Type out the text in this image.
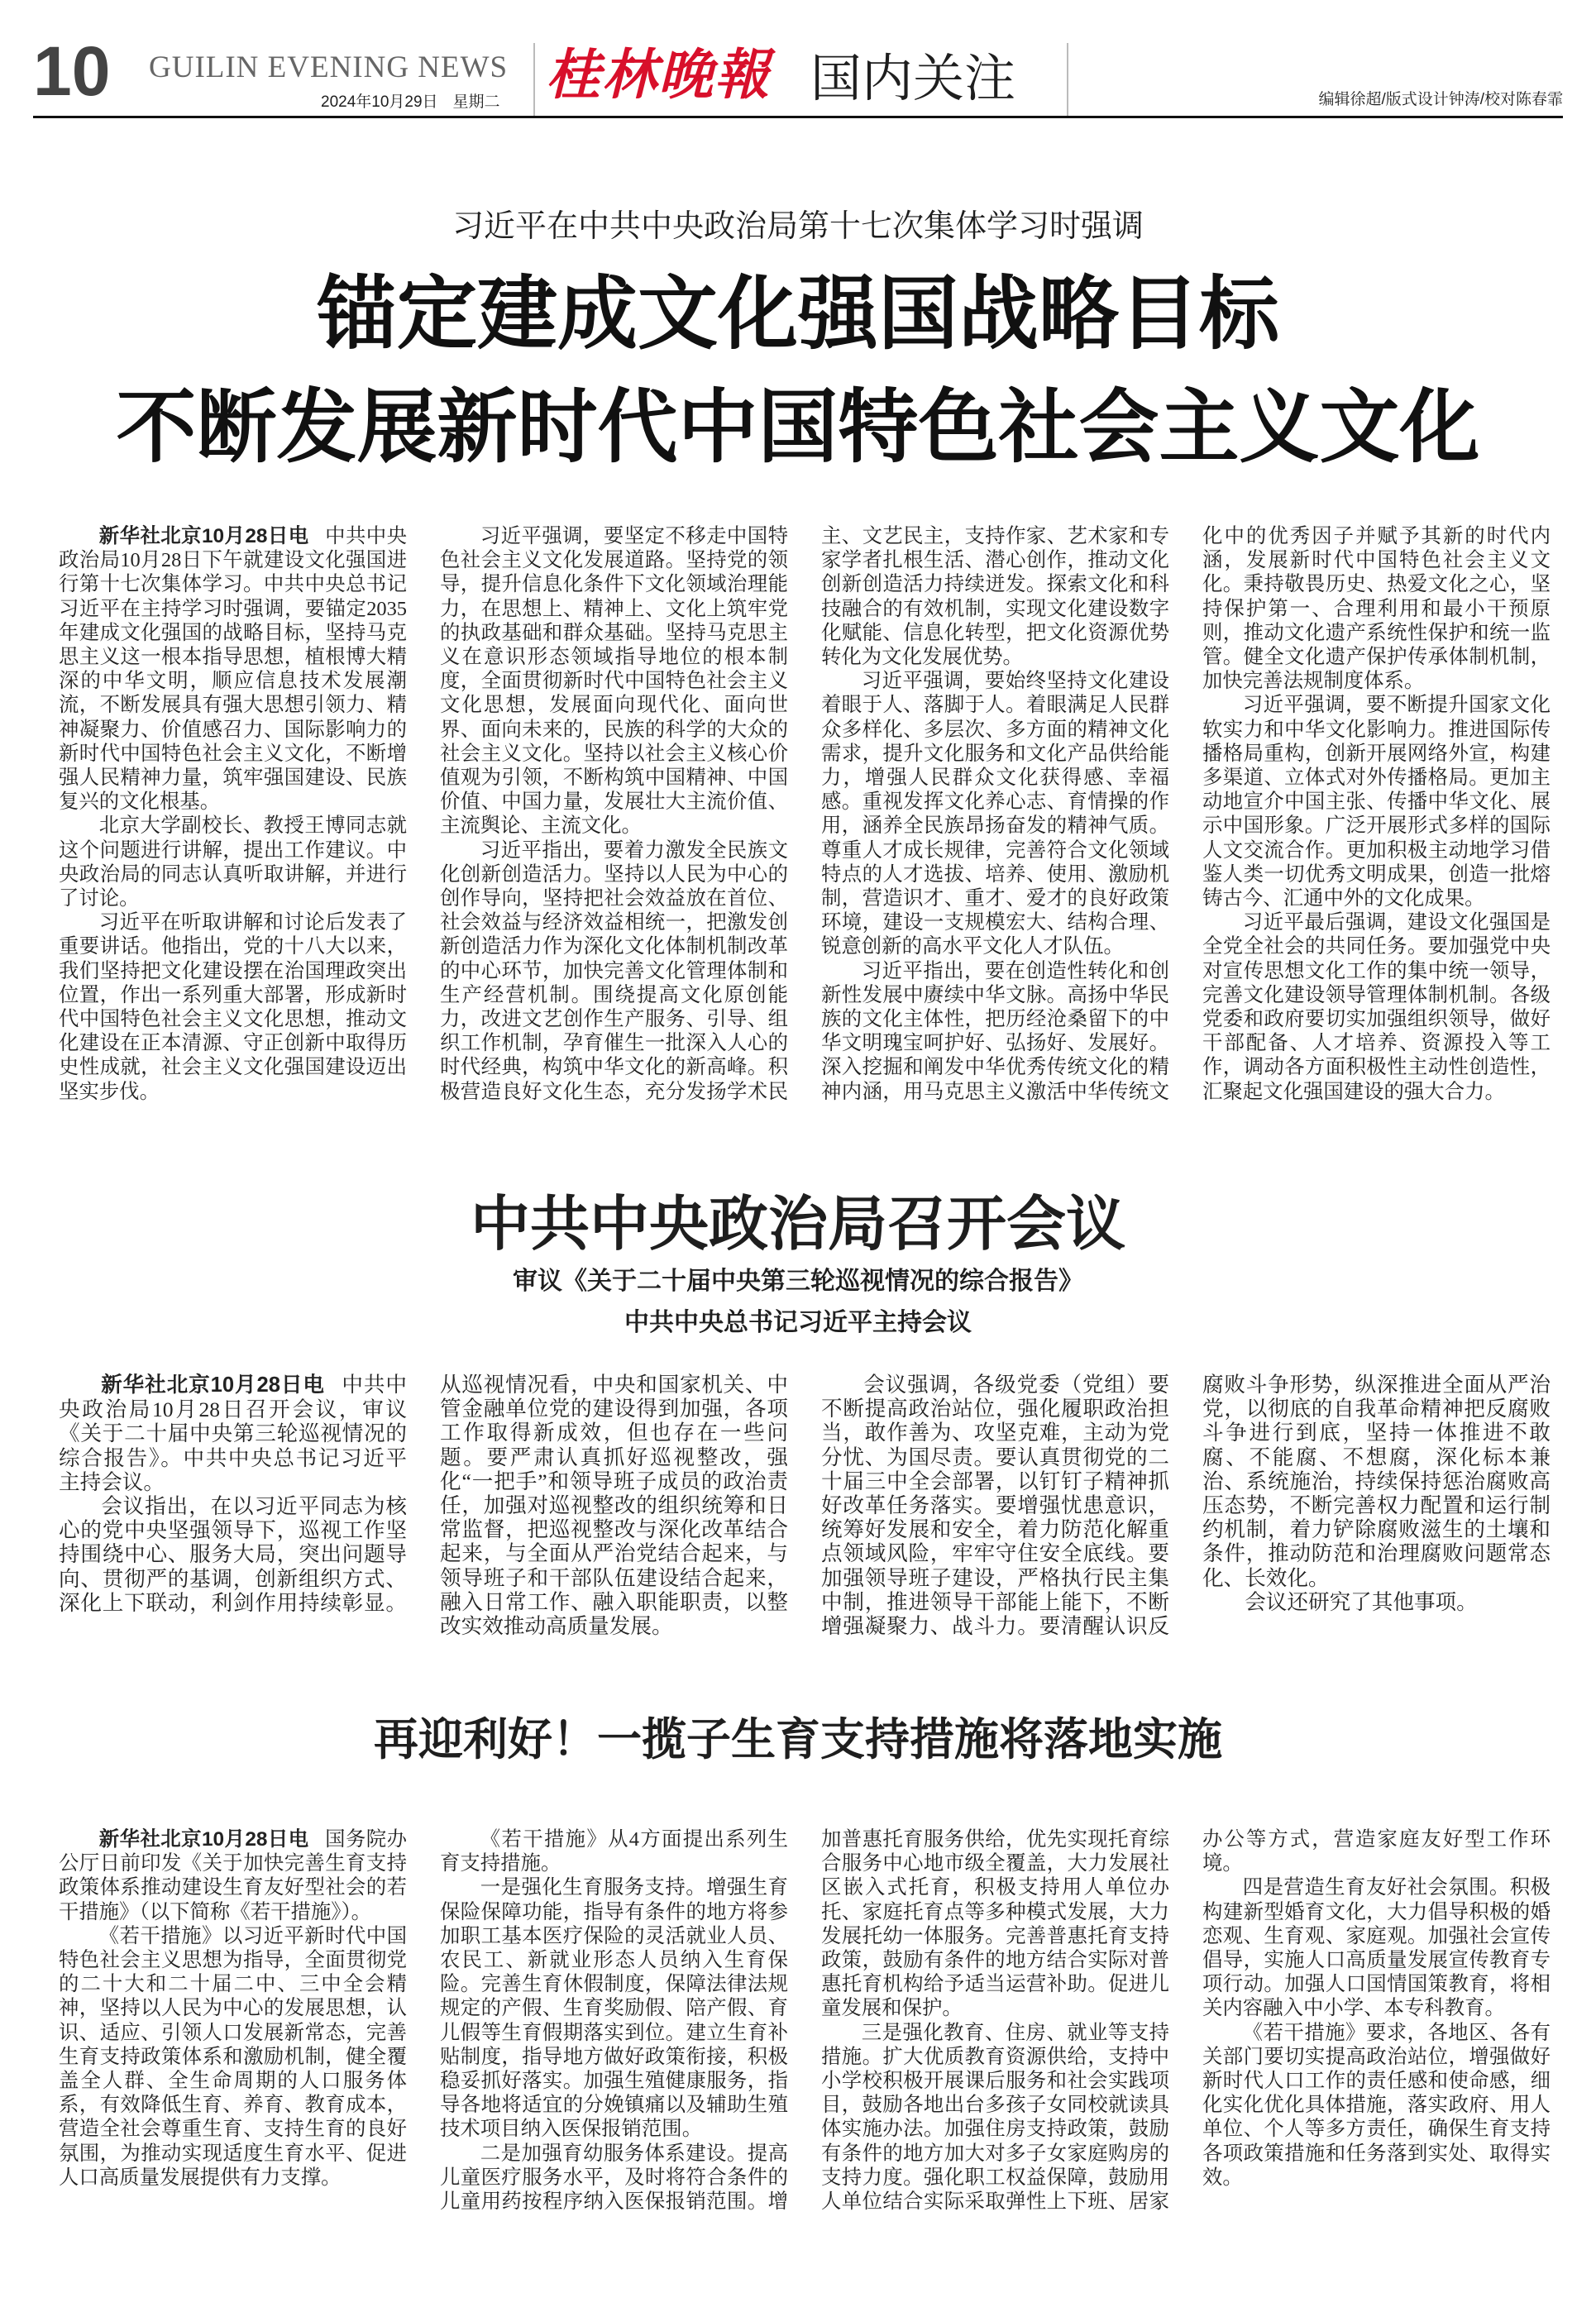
10 GUILIN EVENING NEWS
2024年10月29日 星期二 桂林晚報 国内关注	编辑徐超/版式设计钟涛/校对陈春霏
习近平在中共中央政治局第十七次集体学习时强调
锚定建成文化强国战略目标
不断发展新时代中国特色社会主义文化

新华社北京10月28日电 中共中央政治局10月28日下午就建设文化强国进行第十七次集体学习。中共中央总书记习近平在主持学习时强调，要锚定2035年建成文化强国的战略目标，坚持马克思主义这一根本指导思想，植根博大精深的中华文明，顺应信息技术发展潮流，不断发展具有强大思想引领力、精神凝聚力、价值感召力、国际影响力的新时代中国特色社会主义文化，不断增强人民精神力量，筑牢强国建设、民族复兴的文化根基。

北京大学副校长、教授王博同志就这个问题进行讲解，提出工作建议。中央政治局的同志认真听取讲解，并进行了讨论。

习近平在听取讲解和讨论后发表了重要讲话。他指出，党的十八大以来，我们坚持把文化建设摆在治国理政突出位置，作出一系列重大部署，形成新时代中国特色社会主义文化思想，推动文化建设在正本清源、守正创新中取得历史性成就，社会主义文化强国建设迈出坚实步伐。

习近平强调，要坚定不移走中国特色社会主义文化发展道路。坚持党的领导，提升信息化条件下文化领域治理能力，在思想上、精神上、文化上筑牢党的执政基础和群众基础。坚持马克思主义在意识形态领域指导地位的根本制度，全面贯彻新时代中国特色社会主义文化思想，发展面向现代化、面向世界、面向未来的，民族的科学的大众的社会主义文化。坚持以社会主义核心价值观为引领，不断构筑中国精神、中国价值、中国力量，发展壮大主流价值、主流舆论、主流文化。

习近平指出，要着力激发全民族文化创新创造活力。坚持以人民为中心的创作导向，坚持把社会效益放在首位、社会效益与经济效益相统一，把激发创新创造活力作为深化文化体制机制改革的中心环节，加快完善文化管理体制和生产经营机制。围绕提高文化原创能力，改进文艺创作生产服务、引导、组织工作机制，孕育催生一批深入人心的时代经典，构筑中华文化的新高峰。积极营造良好文化生态，充分发扬学术民主、文艺民主，支持作家、艺术家和专家学者扎根生活、潜心创作，推动文化创新创造活力持续迸发。探索文化和科技融合的有效机制，实现文化建设数字化赋能、信息化转型，把文化资源优势转化为文化发展优势。

习近平强调，要始终坚持文化建设着眼于人、落脚于人。着眼满足人民群众多样化、多层次、多方面的精神文化需求，提升文化服务和文化产品供给能力，增强人民群众文化获得感、幸福感。重视发挥文化养心志、育情操的作用，涵养全民族昂扬奋发的精神气质。尊重人才成长规律，完善符合文化领域特点的人才选拔、培养、使用、激励机制，营造识才、重才、爱才的良好政策环境，建设一支规模宏大、结构合理、锐意创新的高水平文化人才队伍。

习近平指出，要在创造性转化和创新性发展中赓续中华文脉。高扬中华民族的文化主体性，把历经沧桑留下的中华文明瑰宝呵护好、弘扬好、发展好。深入挖掘和阐发中华优秀传统文化的精神内涵，用马克思主义激活中华传统文化中的优秀因子并赋予其新的时代内涵，发展新时代中国特色社会主义文化。秉持敬畏历史、热爱文化之心，坚持保护第一、合理利用和最小干预原则，推动文化遗产系统性保护和统一监管。健全文化遗产保护传承体制机制，加快完善法规制度体系。

习近平强调，要不断提升国家文化软实力和中华文化影响力。推进国际传播格局重构，创新开展网络外宣，构建多渠道、立体式对外传播格局。更加主动地宣介中国主张、传播中华文化、展示中国形象。广泛开展形式多样的国际人文交流合作。更加积极主动地学习借鉴人类一切优秀文明成果，创造一批熔铸古今、汇通中外的文化成果。

习近平最后强调，建设文化强国是全党全社会的共同任务。要加强党中央对宣传思想文化工作的集中统一领导，完善文化建设领导管理体制机制。各级党委和政府要切实加强组织领导，做好干部配备、人才培养、资源投入等工作，调动各方面积极性主动性创造性，汇聚起文化强国建设的强大合力。

中共中央政治局召开会议
审议《关于二十届中央第三轮巡视情况的综合报告》
中共中央总书记习近平主持会议

新华社北京10月28日电 中共中央政治局10月28日召开会议，审议《关于二十届中央第三轮巡视情况的综合报告》。中共中央总书记习近平主持会议。

会议指出，在以习近平同志为核心的党中央坚强领导下，巡视工作坚持围绕中心、服务大局，突出问题导向、贯彻严的基调，创新组织方式、深化上下联动，利剑作用持续彰显。从巡视情况看，中央和国家机关、中管金融单位党的建设得到加强，各项工作取得新成效，但也存在一些问题。要严肃认真抓好巡视整改，强化“一把手”和领导班子成员的政治责任，加强对巡视整改的组织统筹和日常监督，把巡视整改与深化改革结合起来，与全面从严治党结合起来，与领导班子和干部队伍建设结合起来，融入日常工作、融入职能职责，以整改实效推动高质量发展。

会议强调，各级党委（党组）要不断提高政治站位，强化履职政治担当，敢作善为、攻坚克难，主动为党分忧、为国尽责。要认真贯彻党的二十届三中全会部署，以钉钉子精神抓好改革任务落实。要增强忧患意识，统筹好发展和安全，着力防范化解重点领域风险，牢牢守住安全底线。要加强领导班子建设，严格执行民主集中制，推进领导干部能上能下，不断增强凝聚力、战斗力。要清醒认识反腐败斗争形势，纵深推进全面从严治党，以彻底的自我革命精神把反腐败斗争进行到底，坚持一体推进不敢腐、不能腐、不想腐，深化标本兼治、系统施治，持续保持惩治腐败高压态势，不断完善权力配置和运行制约机制，着力铲除腐败滋生的土壤和条件，推动防范和治理腐败问题常态化、长效化。

会议还研究了其他事项。

再迎利好！一揽子生育支持措施将落地实施

新华社北京10月28日电 国务院办公厅日前印发《关于加快完善生育支持政策体系推动建设生育友好型社会的若干措施》（以下简称《若干措施》）。

《若干措施》以习近平新时代中国特色社会主义思想为指导，全面贯彻党的二十大和二十届二中、三中全会精神，坚持以人民为中心的发展思想，认识、适应、引领人口发展新常态，完善生育支持政策体系和激励机制，健全覆盖全人群、全生命周期的人口服务体系，有效降低生育、养育、教育成本，营造全社会尊重生育、支持生育的良好氛围，为推动实现适度生育水平、促进人口高质量发展提供有力支撑。

《若干措施》从4方面提出系列生育支持措施。

一是强化生育服务支持。增强生育保险保障功能，指导有条件的地方将参加职工基本医疗保险的灵活就业人员、农民工、新就业形态人员纳入生育保险。完善生育休假制度，保障法律法规规定的产假、生育奖励假、陪产假、育儿假等生育假期落实到位。建立生育补贴制度，指导地方做好政策衔接，积极稳妥抓好落实。加强生殖健康服务，指导各地将适宜的分娩镇痛以及辅助生殖技术项目纳入医保报销范围。

二是加强育幼服务体系建设。提高儿童医疗服务水平，及时将符合条件的儿童用药按程序纳入医保报销范围。增加普惠托育服务供给，优先实现托育综合服务中心地市级全覆盖，大力发展社区嵌入式托育，积极支持用人单位办托、家庭托育点等多种模式发展，大力发展托幼一体服务。完善普惠托育支持政策，鼓励有条件的地方结合实际对普惠托育机构给予适当运营补助。促进儿童发展和保护。

三是强化教育、住房、就业等支持措施。扩大优质教育资源供给，支持中小学校积极开展课后服务和社会实践项目，鼓励各地出台多孩子女同校就读具体实施办法。加强住房支持政策，鼓励有条件的地方加大对多子女家庭购房的支持力度。强化职工权益保障，鼓励用人单位结合实际采取弹性上下班、居家办公等方式，营造家庭友好型工作环境。

四是营造生育友好社会氛围。积极构建新型婚育文化，大力倡导积极的婚恋观、生育观、家庭观。加强社会宣传倡导，实施人口高质量发展宣传教育专项行动。加强人口国情国策教育，将相关内容融入中小学、本专科教育。

《若干措施》要求，各地区、各有关部门要切实提高政治站位，增强做好新时代人口工作的责任感和使命感，细化实化优化具体措施，落实政府、用人单位、个人等多方责任，确保生育支持各项政策措施和任务落到实处、取得实效。
